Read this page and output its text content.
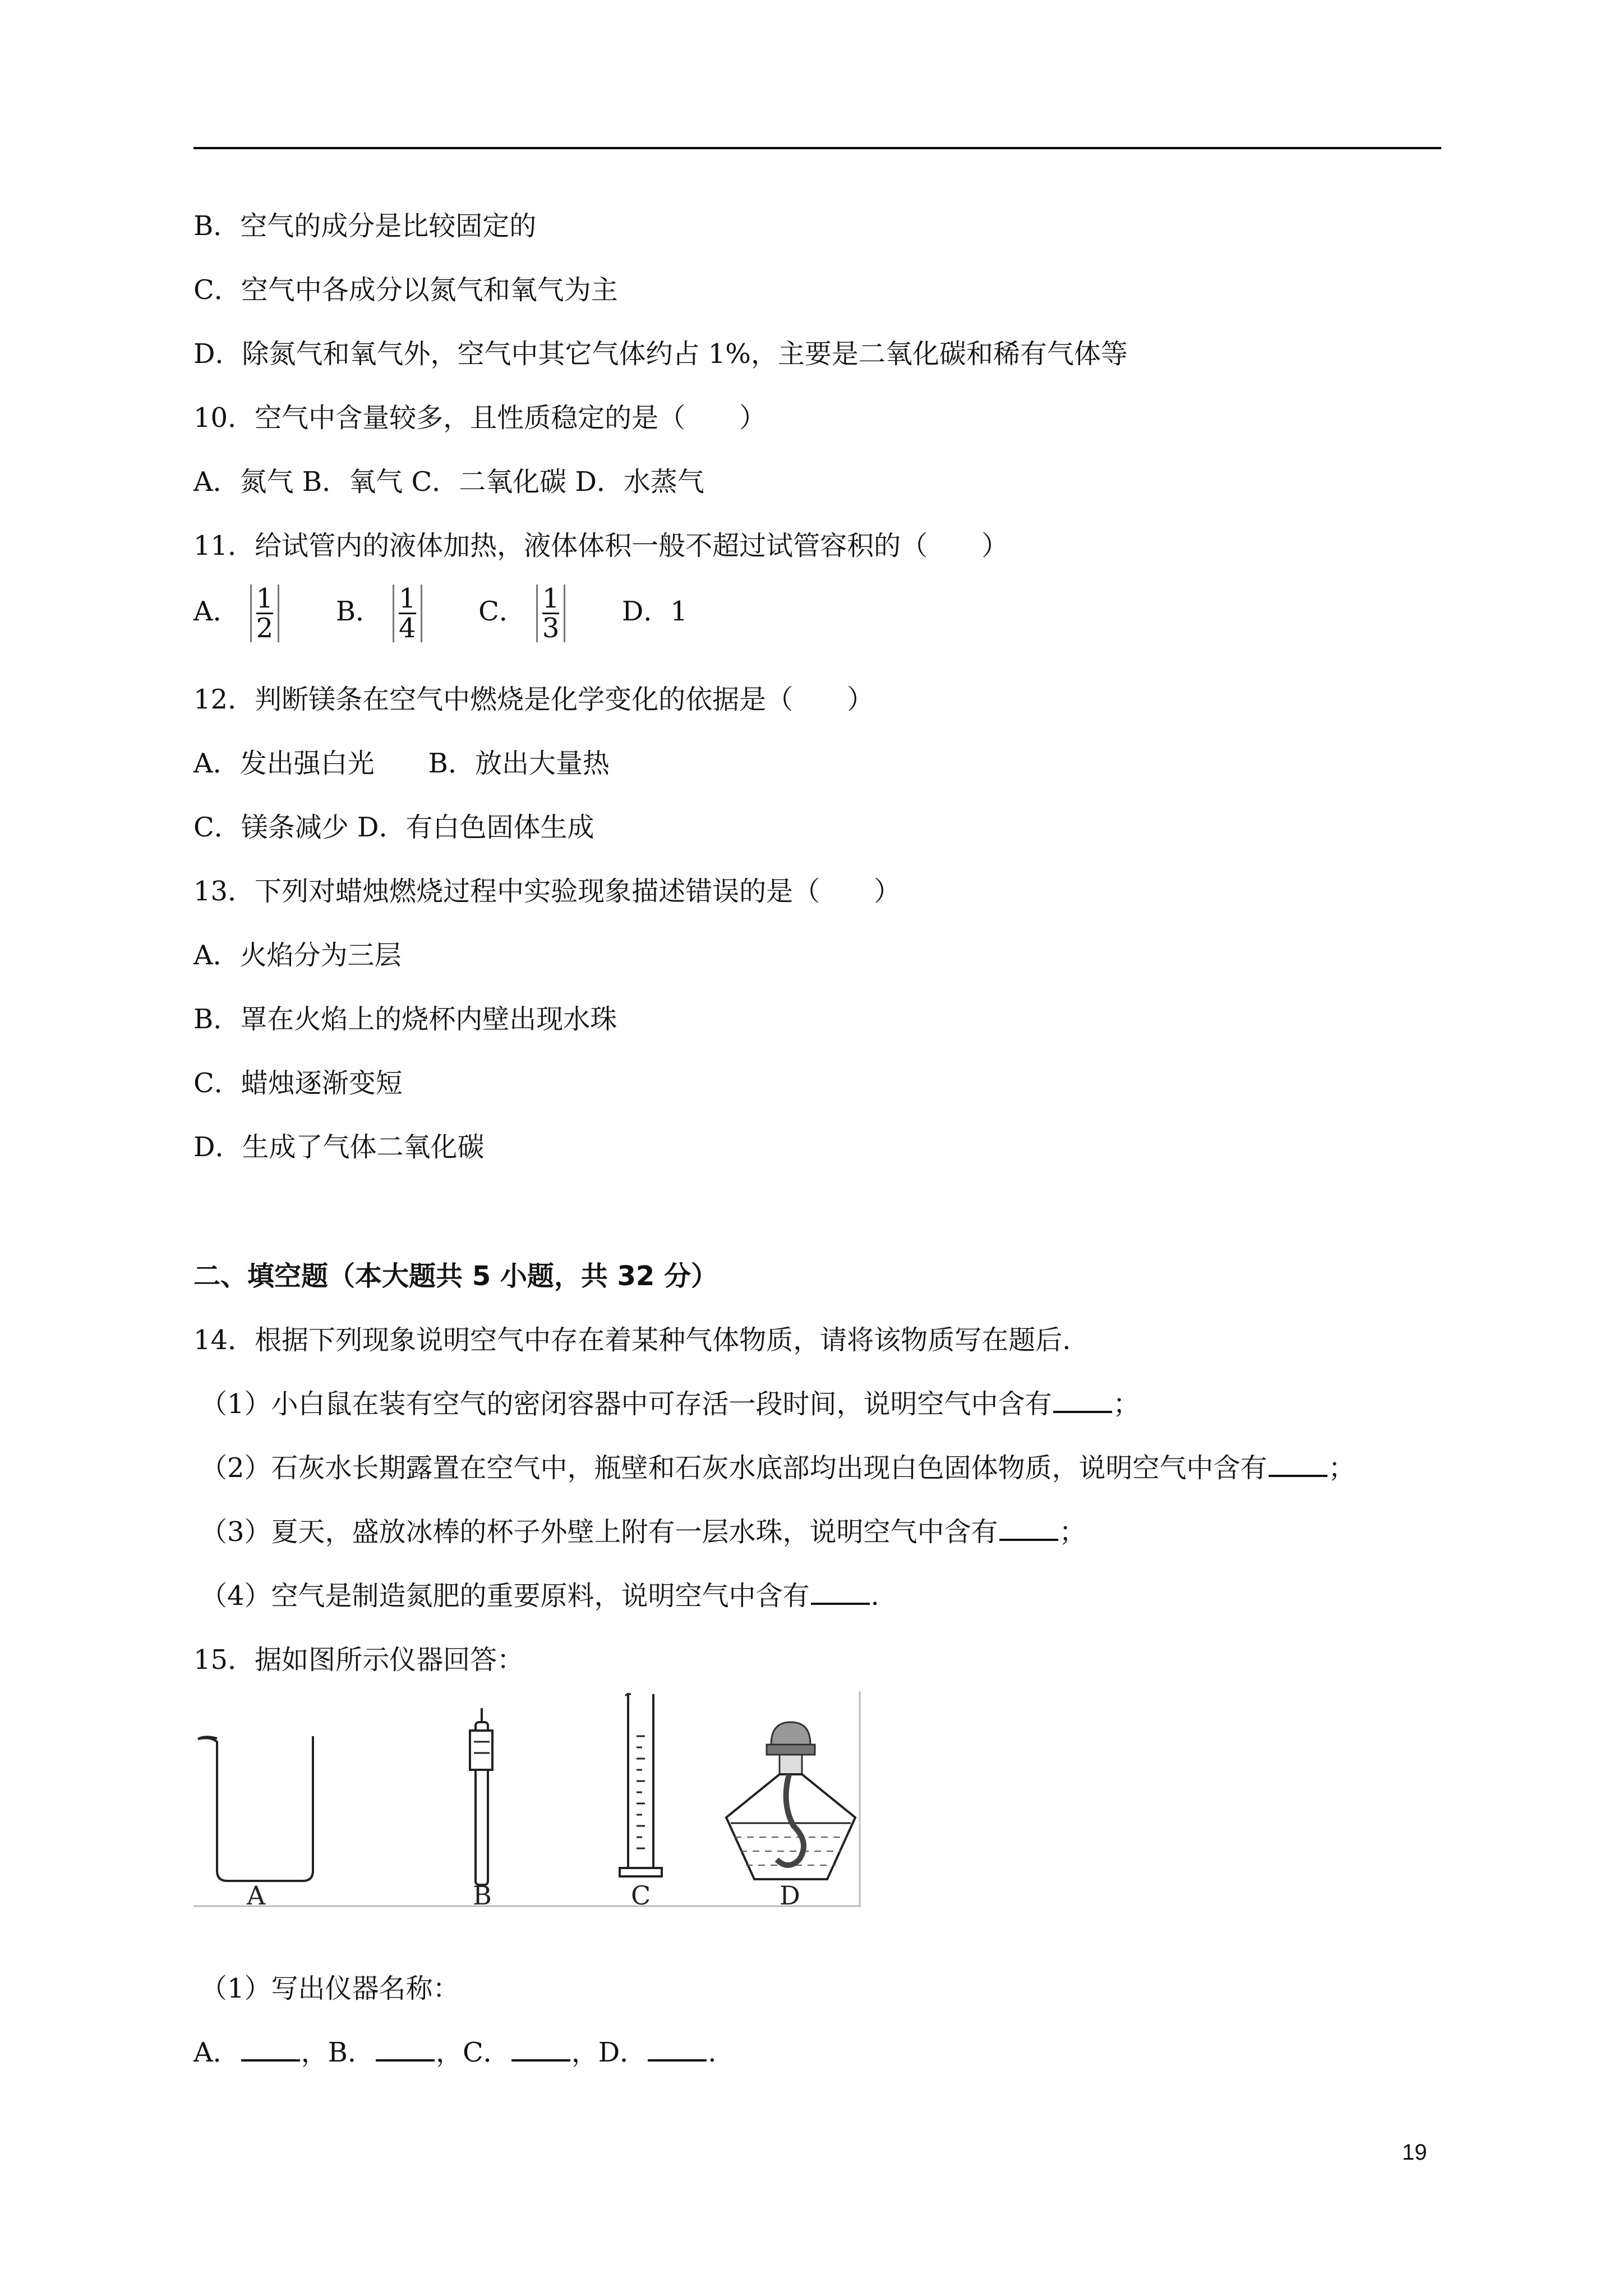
B．空气的成分是比较固定的
C．空气中各成分以氮气和氧气为主
D．除氮气和氧气外，空气中其它气体约占 1%，主要是二氧化碳和稀有气体等
10．空气中含量较多，且性质稳定的是（　　）
A．氮气 B．氧气 C．二氧化碳 D．水蒸气
11．给试管内的液体加热，液体体积一般不超过试管容积的（　　）
A． $\frac{1}{2}$ B． $\frac{1}{4}$ C． $\frac{1}{3}$ D．1
12．判断镁条在空气中燃烧是化学变化的依据是（　　）
A．发出强白光　　B．放出大量热
C．镁条减少 D．有白色固体生成
13．下列对蜡烛燃烧过程中实验现象描述错误的是（　　）
A．火焰分为三层
B．罩在火焰上的烧杯内壁出现水珠
C．蜡烛逐渐变短
D．生成了气体二氧化碳
二、填空题（本大题共 5 小题，共 32 分）
14．根据下列现象说明空气中存在着某种气体物质，请将该物质写在题后.
（1）小白鼠在装有空气的密闭容器中可存活一段时间，说明空气中含有 ；
（2）石灰水长期露置在空气中，瓶壁和石灰水底部均出现白色固体物质，说明空气中含有 ；
（3）夏天，盛放冰棒的杯子外壁上附有一层水珠，说明空气中含有 ；
（4）空气是制造氮肥的重要原料，说明空气中含有 .
15．据如图所示仪器回答：
A	B	C	D
（1）写出仪器名称：
A． ，B． ，C． ，D． .
19
